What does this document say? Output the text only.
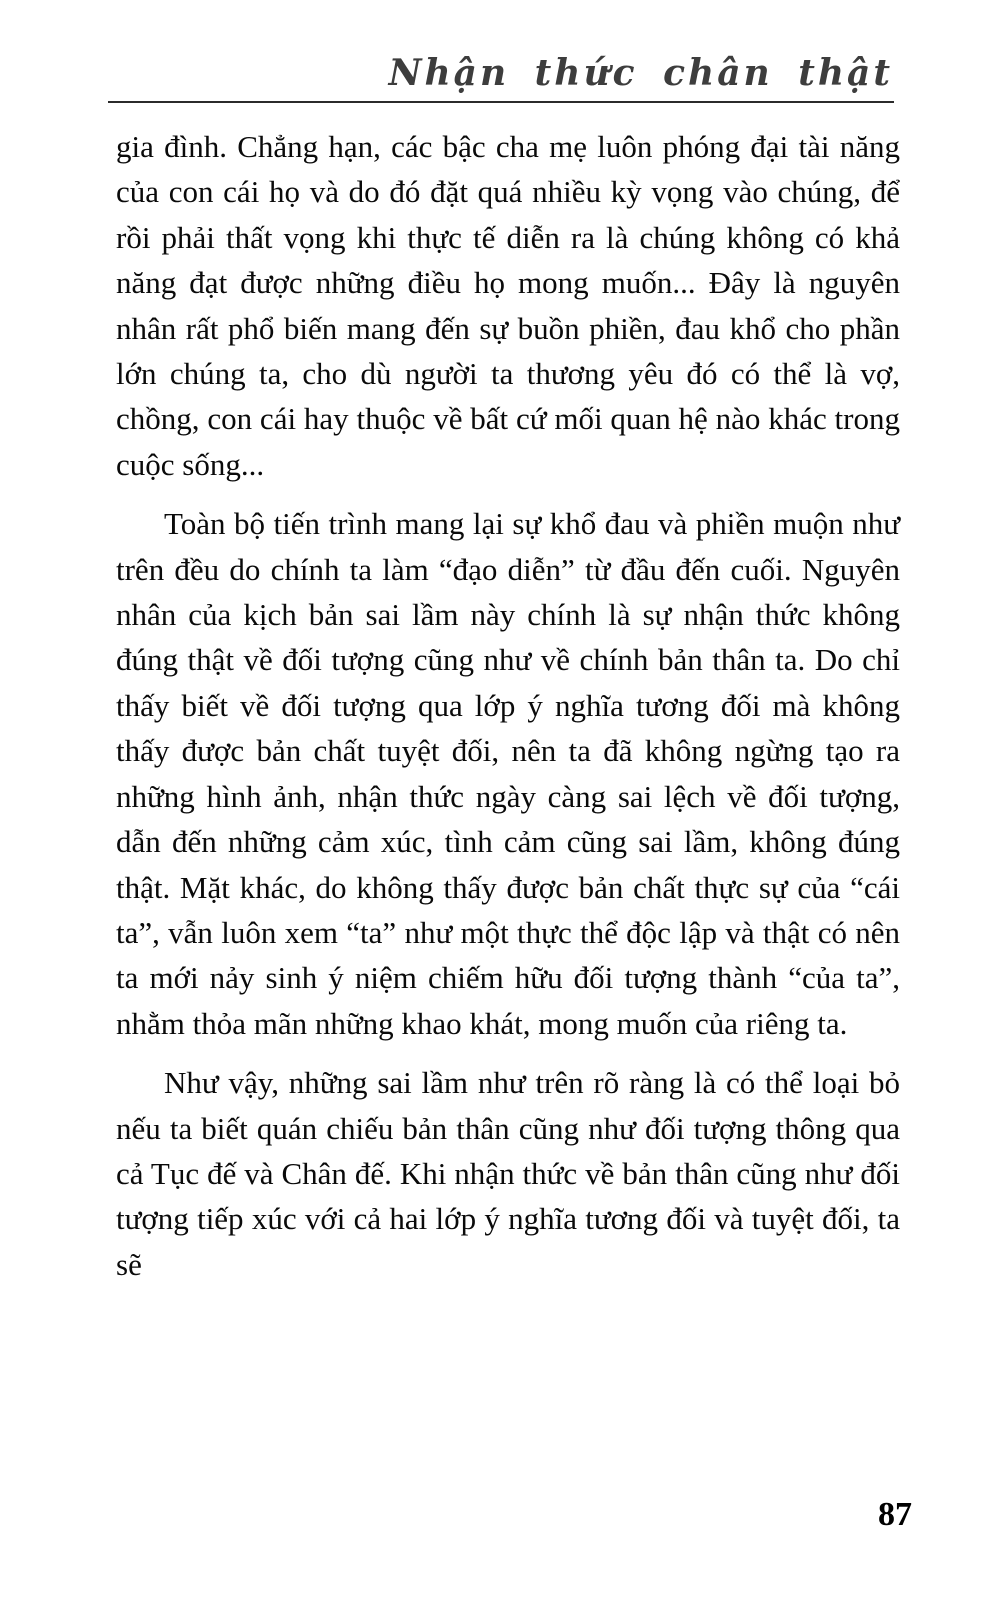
Nhận thức chân thật

gia đình. Chẳng hạn, các bậc cha mẹ luôn phóng đại tài năng của con cái họ và do đó đặt quá nhiều kỳ vọng vào chúng, để rồi phải thất vọng khi thực tế diễn ra là chúng không có khả năng đạt được những điều họ mong muốn... Đây là nguyên nhân rất phổ biến mang đến sự buồn phiền, đau khổ cho phần lớn chúng ta, cho dù người ta thương yêu đó có thể là vợ, chồng, con cái hay thuộc về bất cứ mối quan hệ nào khác trong cuộc sống...

Toàn bộ tiến trình mang lại sự khổ đau và phiền muộn như trên đều do chính ta làm “đạo diễn” từ đầu đến cuối. Nguyên nhân của kịch bản sai lầm này chính là sự nhận thức không đúng thật về đối tượng cũng như về chính bản thân ta. Do chỉ thấy biết về đối tượng qua lớp ý nghĩa tương đối mà không thấy được bản chất tuyệt đối, nên ta đã không ngừng tạo ra những hình ảnh, nhận thức ngày càng sai lệch về đối tượng, dẫn đến những cảm xúc, tình cảm cũng sai lầm, không đúng thật. Mặt khác, do không thấy được bản chất thực sự của “cái ta”, vẫn luôn xem “ta” như một thực thể độc lập và thật có nên ta mới nảy sinh ý niệm chiếm hữu đối tượng thành “của ta”, nhằm thỏa mãn những khao khát, mong muốn của riêng ta.

Như vậy, những sai lầm như trên rõ ràng là có thể loại bỏ nếu ta biết quán chiếu bản thân cũng như đối tượng thông qua cả Tục đế và Chân đế. Khi nhận thức về bản thân cũng như đối tượng tiếp xúc với cả hai lớp ý nghĩa tương đối và tuyệt đối, ta sẽ

87
